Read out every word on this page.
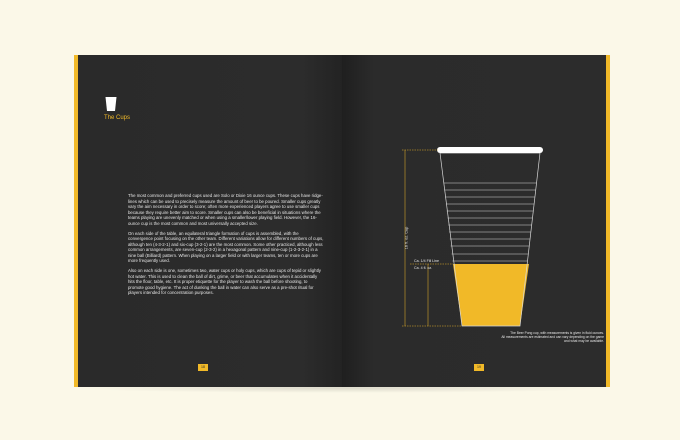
The Cups

The most common and preferred cups used are Solo or Dixie 16 ounce cups. These cups have ridge-lines which can be used to precisely measure the amount of beer to be poured. Smaller cups greatly vary the aim necessary in order to score; often more experienced players agree to use smaller cups because they require better aim to score. Smaller cups can also be beneficial in situations where the teams playing are unevenly matched or when using a smaller/lower playing field. However, the 16-ounce cup is the most common and most universally accepted size.

On each side of the table, an equilateral triangle formation of cups is assembled, with the convergence point focusing on the other team. Different variations allow for different numbers of cups, although ten (4-3-2-1) and six-cup (3-2-1) are the most common. Some other practiced, although less common arrangements, are seven-cup (2-3-2) in a hexagonal pattern and nine-cup (1-2-3-2-1) in a nine ball (Billiard) pattern. When playing on a larger field or with larger teams, ten or more cups are more frequently used.

Also on each side is one, sometimes two, water cups or holy cups, which are cups of tepid or slightly hot water. This is used to clean the ball of dirt, grime, or beer that accumulates when it accidentally hits the floor, table, etc. It is proper etiquette for the player to wash the ball before shooting, to promote good hygiene. The act of dunking the ball in water can also serve as a pre-shot ritual for players intended for concentration purposes.

18
16 fl. oz. Cup
Ca. 1/4 Fill Line
Ca. 4 fl. oz.
The Beer Pong cup, with measurements is given in fluid ounces.
All measurements are estimated and can vary depending on the game
and what may be available.
19
